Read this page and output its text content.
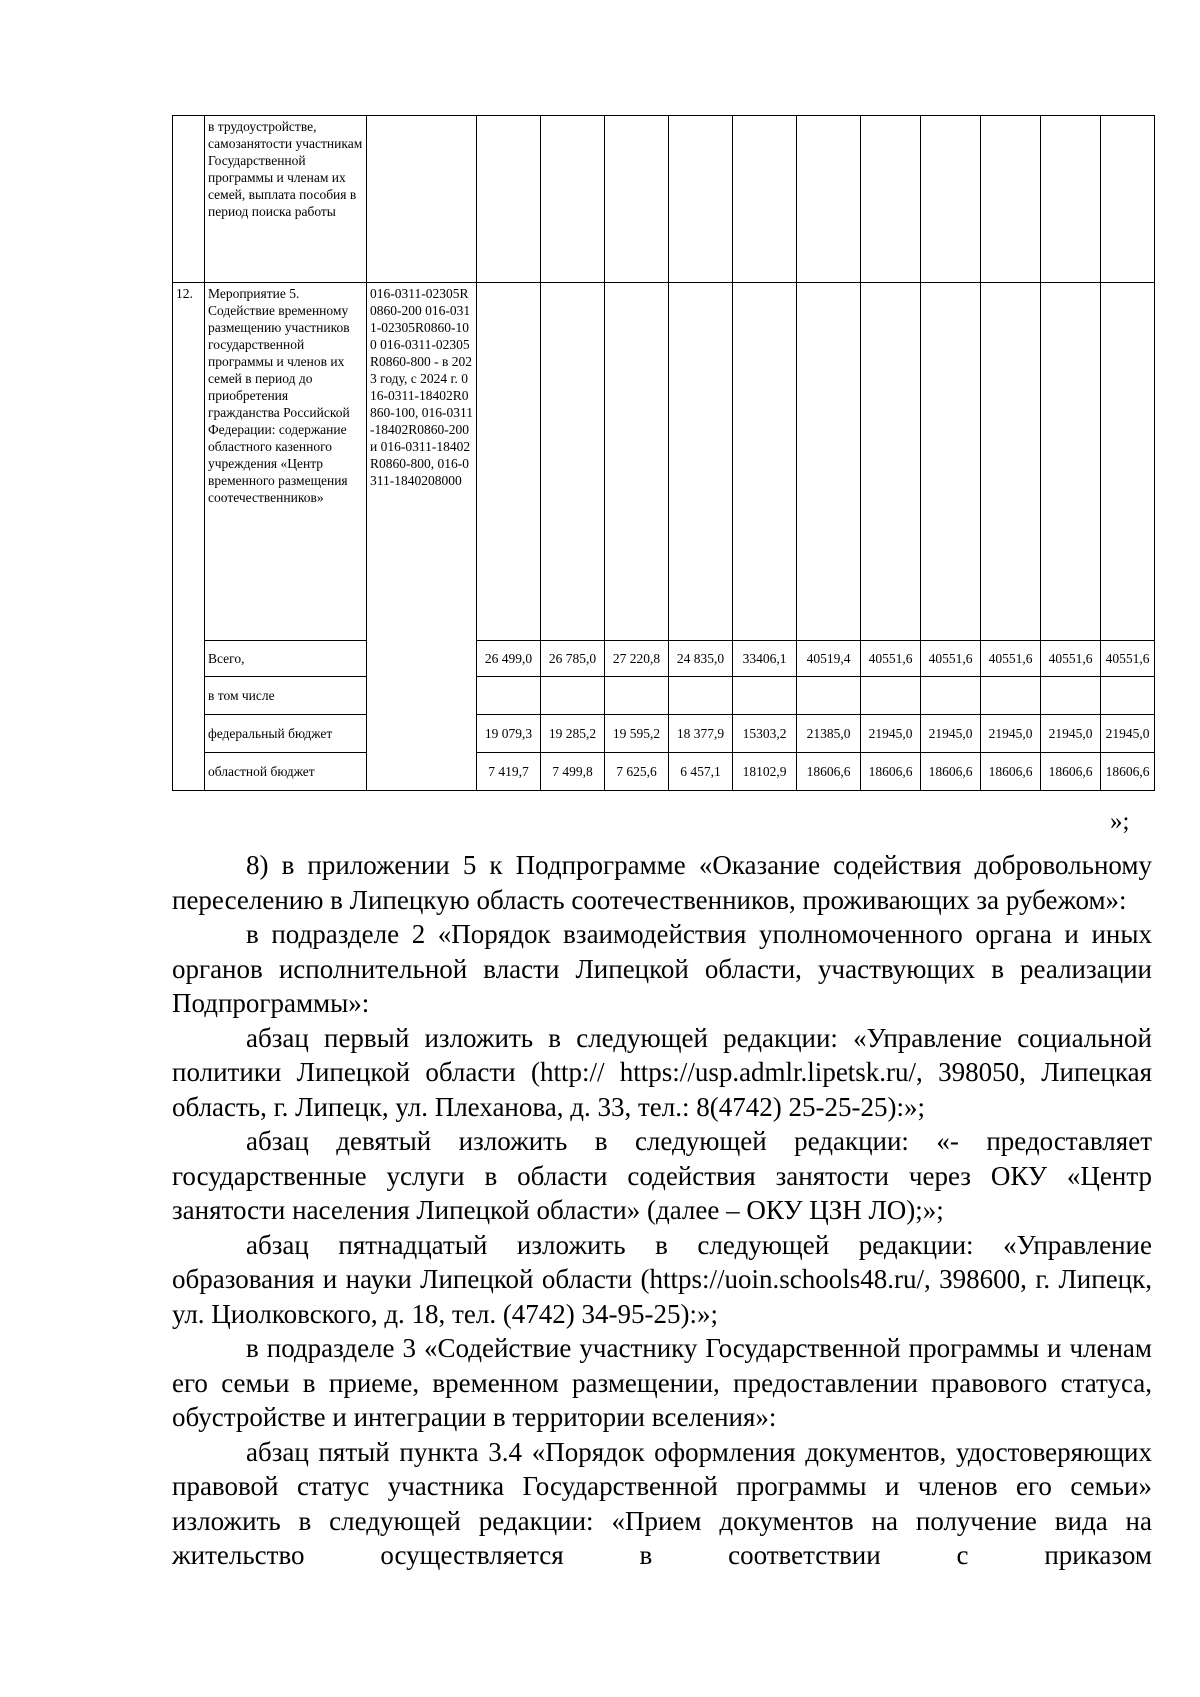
	в трудоустройстве, самозанятости участникам Государственной программы и членам их семей, выплата пособия в период поиска работы												
12.	Мероприятие 5. Содействие временному размещению участников государственной программы и членов их семей в период до приобретения гражданства Российской Федерации: содержание областного казенного учреждения «Центр временного размещения соотечественников»	016-0311-02305R0860-200 016-0311-02305R0860-100 016-0311-02305R0860-800 - в 2023 году, с 2024 г. 016-0311-18402R0860-100, 016-0311-18402R0860-200 и 016-0311-18402R0860-800, 016-0311-1840208000											
	Всего,		26 499,0	26 785,0	27 220,8	24 835,0	33406,1	40519,4	40551,6	40551,6	40551,6	40551,6	40551,6
	в том числе												
	федеральный бюджет		19 079,3	19 285,2	19 595,2	18 377,9	15303,2	21385,0	21945,0	21945,0	21945,0	21945,0	21945,0
	областной бюджет		7 419,7	7 499,8	7 625,6	6 457,1	18102,9	18606,6	18606,6	18606,6	18606,6	18606,6	18606,6
»;

8) в приложении 5 к Подпрограмме «Оказание содействия добровольному переселению в Липецкую область соотечественников, проживающих за рубежом»:

в подразделе 2 «Порядок взаимодействия уполномоченного органа и иных органов исполнительной власти Липецкой области, участвующих в реализации Подпрограммы»:

абзац первый изложить в следующей редакции: «Управление социальной политики Липецкой области (http:// https://usp.admlr.lipetsk.ru/, 398050, Липецкая область, г. Липецк, ул. Плеханова, д. 33, тел.: 8(4742) 25-25-25):»;

абзац девятый изложить в следующей редакции: «- предоставляет государственные услуги в области содействия занятости через ОКУ «Центр занятости населения Липецкой области» (далее – ОКУ ЦЗН ЛО);»;

абзац пятнадцатый изложить в следующей редакции: «Управление образования и науки Липецкой области (https://uoin.schools48.ru/, 398600, г. Липецк, ул. Циолковского, д. 18, тел. (4742) 34-95-25):»;

в подразделе 3 «Содействие участнику Государственной программы и членам его семьи в приеме, временном размещении, предоставлении правового статуса, обустройстве и интеграции в территории вселения»:

абзац пятый пункта 3.4 «Порядок оформления документов, удостоверяющих правовой статус участника Государственной программы и членов его семьи» изложить в следующей редакции: «Прием документов на получение вида на жительство осуществляется в соответствии с приказом
